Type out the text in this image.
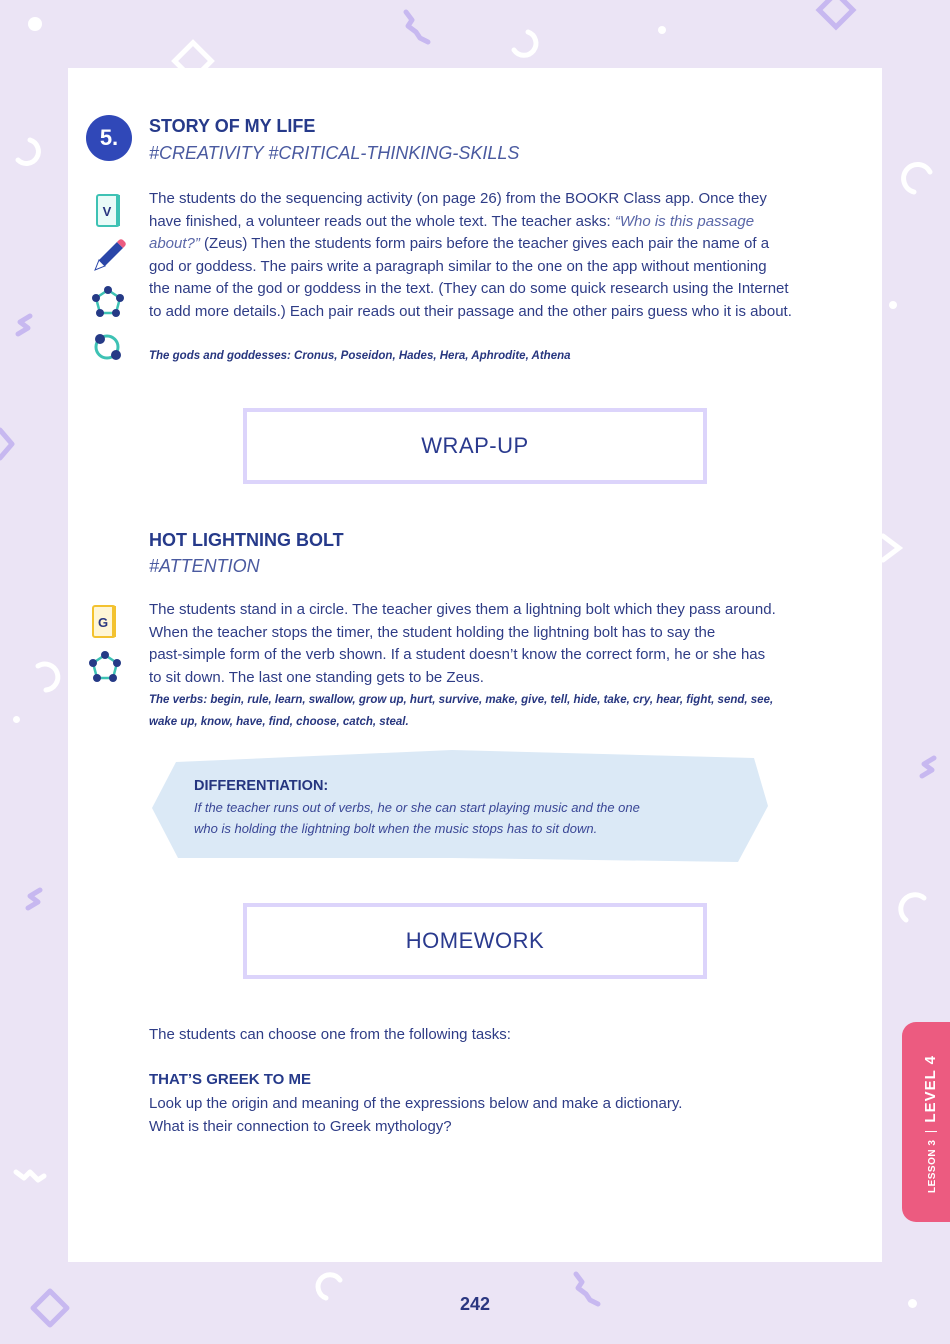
5.	STORY OF MY LIFE
#CREATIVITY #CRITICAL-THINKING-SKILLS
V
The students do the sequencing activity (on page 26) from the BOOKR Class app. Once they
have finished, a volunteer reads out the whole text. The teacher asks: “Who is this passage
about?” (Zeus) Then the students form pairs before the teacher gives each pair the name of a
god or goddess. The pairs write a paragraph similar to the one on the app without mentioning
the name of the god or goddess in the text. (They can do some quick research using the Internet
to add more details.) Each pair reads out their passage and the other pairs guess who it is about.
The gods and goddesses: Cronus, Poseidon, Hades, Hera, Aphrodite, Athena
WRAP-UP
HOT LIGHTNING BOLT
#ATTENTION
G
The students stand in a circle. The teacher gives them a lightning bolt which they pass around.
When the teacher stops the timer, the student holding the lightning bolt has to say the
past-simple form of the verb shown. If a student doesn’t know the correct form, he or she has
to sit down. The last one standing gets to be Zeus.
The verbs: begin, rule, learn, swallow, grow up, hurt, survive, make, give, tell, hide, take, cry, hear, fight, send, see,
wake up, know, have, find, choose, catch, steal.
DIFFERENTIATION:
If the teacher runs out of verbs, he or she can start playing music and the one
who is holding the lightning bolt when the music stops has to sit down.
HOMEWORK
The students can choose one from the following tasks:
THAT’S GREEK TO ME
Look up the origin and meaning of the expressions below and make a dictionary.
What is their connection to Greek mythology?
LESSON 3LEVEL 4
242
